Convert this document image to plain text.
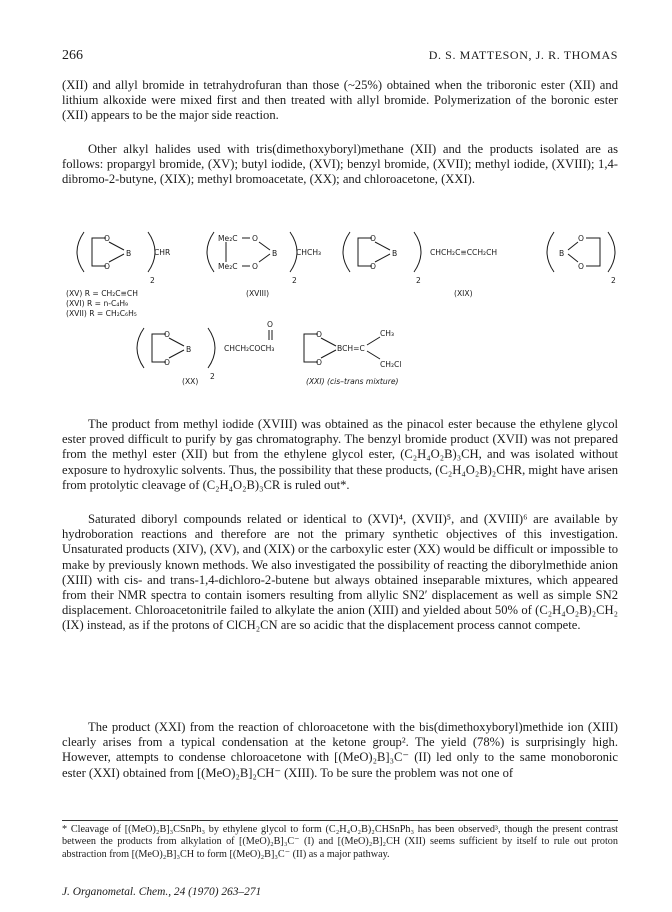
266	D. S. MATTESON, J. R. THOMAS

(XII) and allyl bromide in tetrahydrofuran than those (~25%) obtained when the triboronic ester (XII) and lithium alkoxide were mixed first and then treated with allyl bromide. Polymerization of the boronic ester (XII) appears to be the major side reaction.

Other alkyl halides used with tris(dimethoxyboryl)methane (XII) and the products isolated are as follows: propargyl bromide, (XV); butyl iodide, (XVI); benzyl bromide, (XVII); methyl iodide, (XVIII); 1,4-dibromo-2-butyne, (XIX); methyl bromoacetate, (XX); and chloroacetone, (XXI).

O
O
B
2
CHR
(XV) R = CH₂C≡CH
(XVI) R = n-C₄H₉
(XVII) R = CH₂C₆H₅
Me₂C
Me₂C
O
O
B
2
CHCH₃
(XVIII)
O
O
B
2
CHCH₂C≡CCH₂CH	B
O
O
2
(XIX)
O
O
B
2
O
CHCH₂COCH₃
(XX)
O
O
BCH=C
CH₃
CH₂Cl
(XXI) (cis–trans mixture)

The product from methyl iodide (XVIII) was obtained as the pinacol ester because the ethylene glycol ester proved difficult to purify by gas chromatography. The benzyl bromide product (XVII) was not prepared from the methyl ester (XII) but from the ethylene glycol ester, (C₂H₄O₂B)₃CH, and was isolated without exposure to hydroxylic solvents. Thus, the possibility that these products, (C₂H₄O₂B)₂CHR, might have arisen from protolytic cleavage of (C₂H₄O₂B)₃CR is ruled out*.

Saturated diboryl compounds related or identical to (XVI)⁴, (XVII)⁵, and (XVIII)⁶ are available by hydroboration reactions and therefore are not the primary synthetic objectives of this investigation. Unsaturated products (XIV), (XV), and (XIX) or the carboxylic ester (XX) would be difficult or impossible to make by previously known methods. We also investigated the possibility of reacting the diborylmethide anion (XIII) with cis- and trans-1,4-dichloro-2-butene but always obtained inseparable mixtures, which appeared from their NMR spectra to contain isomers resulting from allylic SN2′ displacement as well as simple SN2 displacement. Chloroacetonitrile failed to alkylate the anion (XIII) and yielded about 50% of (C₂H₄O₂B)₂CH₂ (IX) instead, as if the protons of ClCH₂CN are so acidic that the displacement process cannot compete.

The product (XXI) from the reaction of chloroacetone with the bis(dimethoxyboryl)methide ion (XIII) clearly arises from a typical condensation at the ketone group². The yield (78%) is surprisingly high. However, attempts to condense chloroacetone with [(MeO)₂B]₃C⁻ (II) led only to the same monoboronic ester (XXI) obtained from [(MeO)₂B]₂CH⁻ (XIII). To be sure the problem was not one of

* Cleavage of [(MeO)₂B]₃CSnPh₃ by ethylene glycol to form (C₂H₄O₂B)₂CHSnPh₃ has been observed³, though the present contrast between the products from alkylation of [(MeO)₂B]₃C⁻ (I) and [(MeO)₂B]₂CH (XII) seems sufficient by itself to rule out proton abstraction from [(MeO)₂B]₃CH to form [(MeO)₂B]₃C⁻ (II) as a major pathway.

J. Organometal. Chem., 24 (1970) 263–271
